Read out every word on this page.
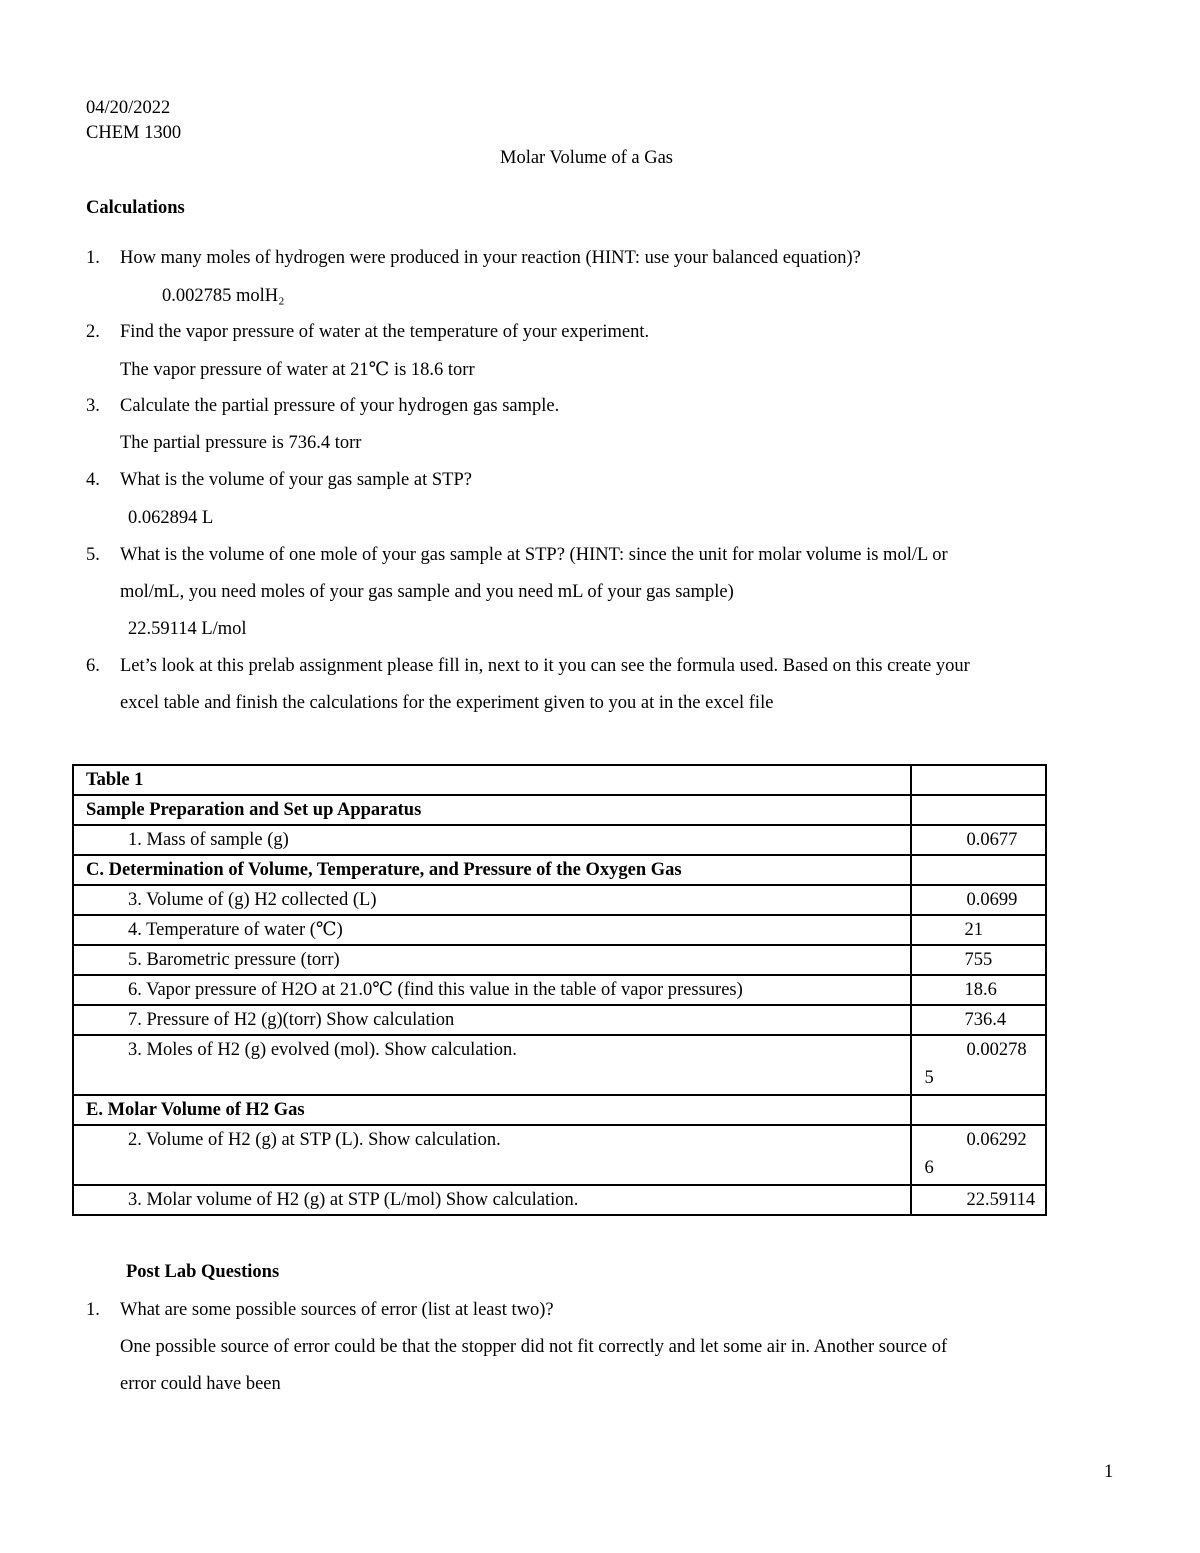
04/20/2022
CHEM 1300
Molar Volume of a Gas
Calculations
1. How many moles of hydrogen were produced in your reaction (HINT: use your balanced equation)?
0.002785 molH₂
2. Find the vapor pressure of water at the temperature of your experiment.
The vapor pressure of water at 21℃ is 18.6 torr
3. Calculate the partial pressure of your hydrogen gas sample.
The partial pressure is 736.4 torr
4. What is the volume of your gas sample at STP?
0.062894 L
5. What is the volume of one mole of your gas sample at STP? (HINT: since the unit for molar volume is mol/L or
mol/mL, you need moles of your gas sample and you need mL of your gas sample)
22.59114 L/mol
6. Let’s look at this prelab assignment please fill in, next to it you can see the formula used. Based on this create your
excel table and finish the calculations for the experiment given to you at in the excel file
Table 1	
Sample Preparation and Set up Apparatus	
1. Mass of sample (g)	0.0677

C. Determination of Volume, Temperature, and Pressure of the Oxygen Gas	
3. Volume of (g) H2 collected (L)	0.0699

4. Temperature of water (℃)	21

5. Barometric pressure (torr)	755

6. Vapor pressure of H2O at 21.0℃ (find this value in the table of vapor pressures)	18.6

7. Pressure of H2 (g)(torr) Show calculation	736.4

3. Moles of H2 (g) evolved (mol). Show calculation.	0.00278
5

E. Molar Volume of H2 Gas	
2. Volume of H2 (g) at STP (L). Show calculation.	0.06292
6

3. Molar volume of H2 (g) at STP (L/mol) Show calculation.	22.59114
Post Lab Questions
1. What are some possible sources of error (list at least two)?
One possible source of error could be that the stopper did not fit correctly and let some air in. Another source of
error could have been
1
